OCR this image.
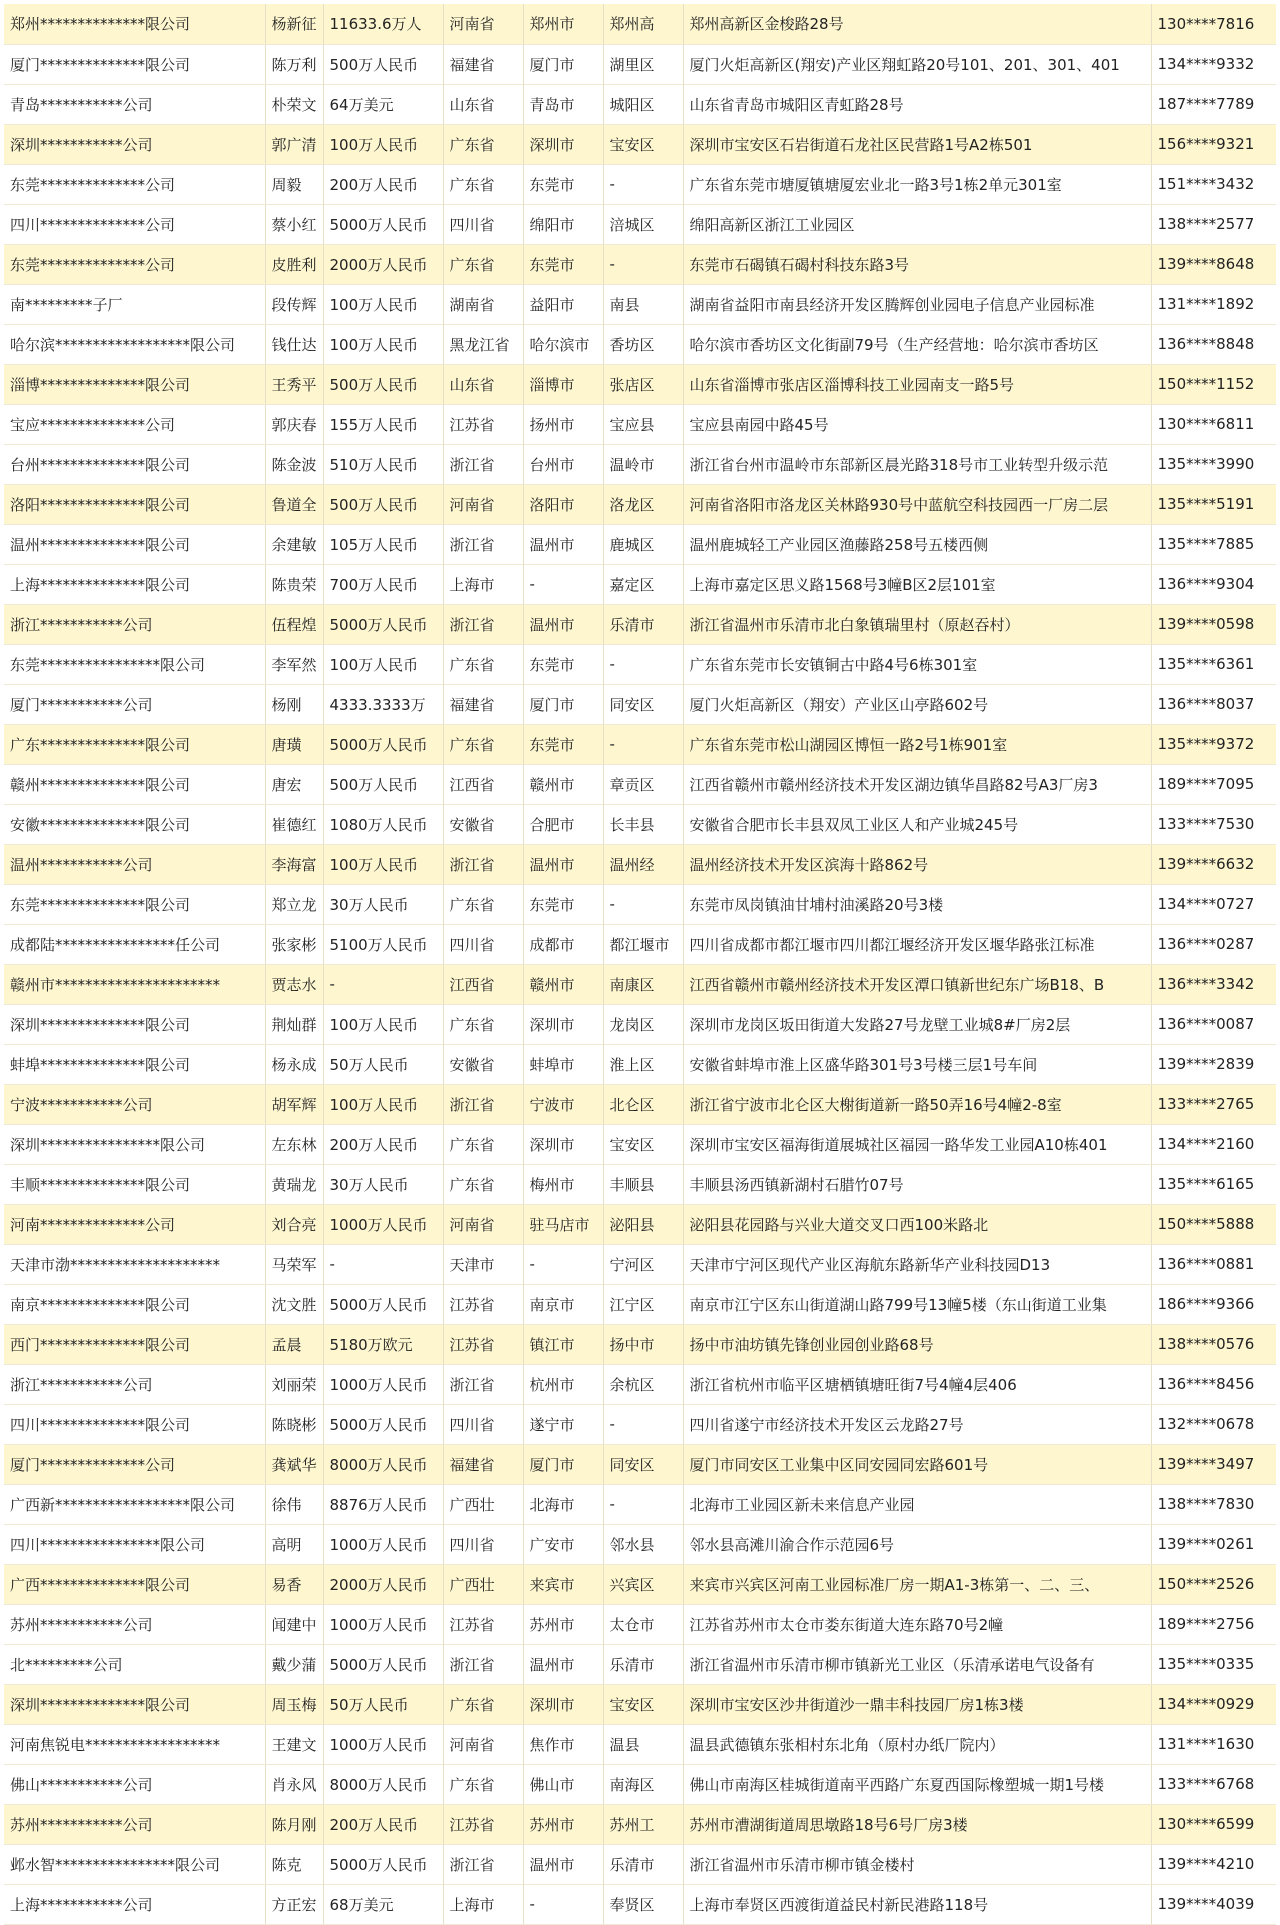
郑州**************限公司	杨新征	11633.6万人	河南省	郑州市	郑州高	郑州高新区金梭路28号	130****7816
厦门**************限公司	陈万利	500万人民币	福建省	厦门市	湖里区	厦门火炬高新区(翔安)产业区翔虹路20号101、201、301、401	134****9332
青岛***********公司	朴荣文	64万美元	山东省	青岛市	城阳区	山东省青岛市城阳区青虹路28号	187****7789
深圳***********公司	郭广清	100万人民币	广东省	深圳市	宝安区	深圳市宝安区石岩街道石龙社区民营路1号A2栋501	156****9321
东莞**************公司	周毅	200万人民币	广东省	东莞市	-	广东省东莞市塘厦镇塘厦宏业北一路3号1栋2单元301室	151****3432
四川**************公司	蔡小红	5000万人民币	四川省	绵阳市	涪城区	绵阳高新区浙江工业园区	138****2577
东莞**************公司	皮胜利	2000万人民币	广东省	东莞市	-	东莞市石碣镇石碣村科技东路3号	139****8648
南*********子厂	段传辉	100万人民币	湖南省	益阳市	南县	湖南省益阳市南县经济开发区腾辉创业园电子信息产业园标准	131****1892
哈尔滨******************限公司	钱仕达	100万人民币	黑龙江省	哈尔滨市	香坊区	哈尔滨市香坊区文化街副79号（生产经营地：哈尔滨市香坊区	136****8848
淄博**************限公司	王秀平	500万人民币	山东省	淄博市	张店区	山东省淄博市张店区淄博科技工业园南支一路5号	150****1152
宝应**************公司	郭庆春	155万人民币	江苏省	扬州市	宝应县	宝应县南园中路45号	130****6811
台州**************限公司	陈金波	510万人民币	浙江省	台州市	温岭市	浙江省台州市温岭市东部新区晨光路318号市工业转型升级示范	135****3990
洛阳**************限公司	鲁道全	500万人民币	河南省	洛阳市	洛龙区	河南省洛阳市洛龙区关林路930号中蓝航空科技园西一厂房二层	135****5191
温州**************限公司	余建敏	105万人民币	浙江省	温州市	鹿城区	温州鹿城轻工产业园区渔藤路258号五楼西侧	135****7885
上海**************限公司	陈贵荣	700万人民币	上海市	-	嘉定区	上海市嘉定区思义路1568号3幢B区2层101室	136****9304
浙江***********公司	伍程煌	5000万人民币	浙江省	温州市	乐清市	浙江省温州市乐清市北白象镇瑞里村（原赵吞村）	139****0598
东莞****************限公司	李军然	100万人民币	广东省	东莞市	-	广东省东莞市长安镇铜古中路4号6栋301室	135****6361
厦门***********公司	杨刚	4333.3333万	福建省	厦门市	同安区	厦门火炬高新区（翔安）产业区山亭路602号	136****8037
广东**************限公司	唐璜	5000万人民币	广东省	东莞市	-	广东省东莞市松山湖园区博恒一路2号1栋901室	135****9372
赣州**************限公司	唐宏	500万人民币	江西省	赣州市	章贡区	江西省赣州市赣州经济技术开发区湖边镇华昌路82号A3厂房3	189****7095
安徽**************限公司	崔德红	1080万人民币	安徽省	合肥市	长丰县	安徽省合肥市长丰县双凤工业区人和产业城245号	133****7530
温州***********公司	李海富	100万人民币	浙江省	温州市	温州经	温州经济技术开发区滨海十路862号	139****6632
东莞**************限公司	郑立龙	30万人民币	广东省	东莞市	-	东莞市凤岗镇油甘埔村油溪路20号3楼	134****0727
成都陆****************任公司	张家彬	5100万人民币	四川省	成都市	都江堰市	四川省成都市都江堰市四川都江堰经济开发区堰华路张江标准	136****0287
赣州市**********************	贾志水	-	江西省	赣州市	南康区	江西省赣州市赣州经济技术开发区潭口镇新世纪东广场B18、B	136****3342
深圳**************限公司	荆灿群	100万人民币	广东省	深圳市	龙岗区	深圳市龙岗区坂田街道大发路27号龙壁工业城8#厂房2层	136****0087
蚌埠**************限公司	杨永成	50万人民币	安徽省	蚌埠市	淮上区	安徽省蚌埠市淮上区盛华路301号3号楼三层1号车间	139****2839
宁波***********公司	胡军辉	100万人民币	浙江省	宁波市	北仑区	浙江省宁波市北仑区大榭街道新一路50弄16号4幢2-8室	133****2765
深圳****************限公司	左东林	200万人民币	广东省	深圳市	宝安区	深圳市宝安区福海街道展城社区福园一路华发工业园A10栋401	134****2160
丰顺**************限公司	黄瑞龙	30万人民币	广东省	梅州市	丰顺县	丰顺县汤西镇新湖村石腊竹07号	135****6165
河南**************公司	刘合亮	1000万人民币	河南省	驻马店市	泌阳县	泌阳县花园路与兴业大道交叉口西100米路北	150****5888
天津市渤********************	马荣军	-	天津市	-	宁河区	天津市宁河区现代产业区海航东路新华产业科技园D13	136****0881
南京**************限公司	沈文胜	5000万人民币	江苏省	南京市	江宁区	南京市江宁区东山街道湖山路799号13幢5楼（东山街道工业集	186****9366
西门**************限公司	孟晨	5180万欧元	江苏省	镇江市	扬中市	扬中市油坊镇先锋创业园创业路68号	138****0576
浙江***********公司	刘丽荣	1000万人民币	浙江省	杭州市	余杭区	浙江省杭州市临平区塘栖镇塘旺街7号4幢4层406	136****8456
四川**************限公司	陈晓彬	5000万人民币	四川省	遂宁市	-	四川省遂宁市经济技术开发区云龙路27号	132****0678
厦门**************公司	龚斌华	8000万人民币	福建省	厦门市	同安区	厦门市同安区工业集中区同安园同宏路601号	139****3497
广西新******************限公司	徐伟	8876万人民币	广西壮	北海市	-	北海市工业园区新未来信息产业园	138****7830
四川****************限公司	高明	1000万人民币	四川省	广安市	邻水县	邻水县高滩川渝合作示范园6号	139****0261
广西**************限公司	易香	2000万人民币	广西壮	来宾市	兴宾区	来宾市兴宾区河南工业园标准厂房一期A1-3栋第一、二、三、	150****2526
苏州***********公司	闻建中	1000万人民币	江苏省	苏州市	太仓市	江苏省苏州市太仓市娄东街道大连东路70号2幢	189****2756
北*********公司	戴少蒲	5000万人民币	浙江省	温州市	乐清市	浙江省温州市乐清市柳市镇新光工业区（乐清承诺电气设备有	135****0335
深圳**************限公司	周玉梅	50万人民币	广东省	深圳市	宝安区	深圳市宝安区沙井街道沙一鼎丰科技园厂房1栋3楼	134****0929
河南焦锐电******************	王建文	1000万人民币	河南省	焦作市	温县	温县武德镇东张相村东北角（原村办纸厂院内）	131****1630
佛山***********公司	肖永风	8000万人民币	广东省	佛山市	南海区	佛山市南海区桂城街道南平西路广东夏西国际橡塑城一期1号楼	133****6768
苏州***********公司	陈月刚	200万人民币	江苏省	苏州市	苏州工	苏州市漕湖街道周思墩路18号6号厂房3楼	130****6599
邺水智****************限公司	陈克	5000万人民币	浙江省	温州市	乐清市	浙江省温州市乐清市柳市镇金楼村	139****4210
上海***********公司	方正宏	68万美元	上海市	-	奉贤区	上海市奉贤区西渡街道益民村新民港路118号	139****4039
